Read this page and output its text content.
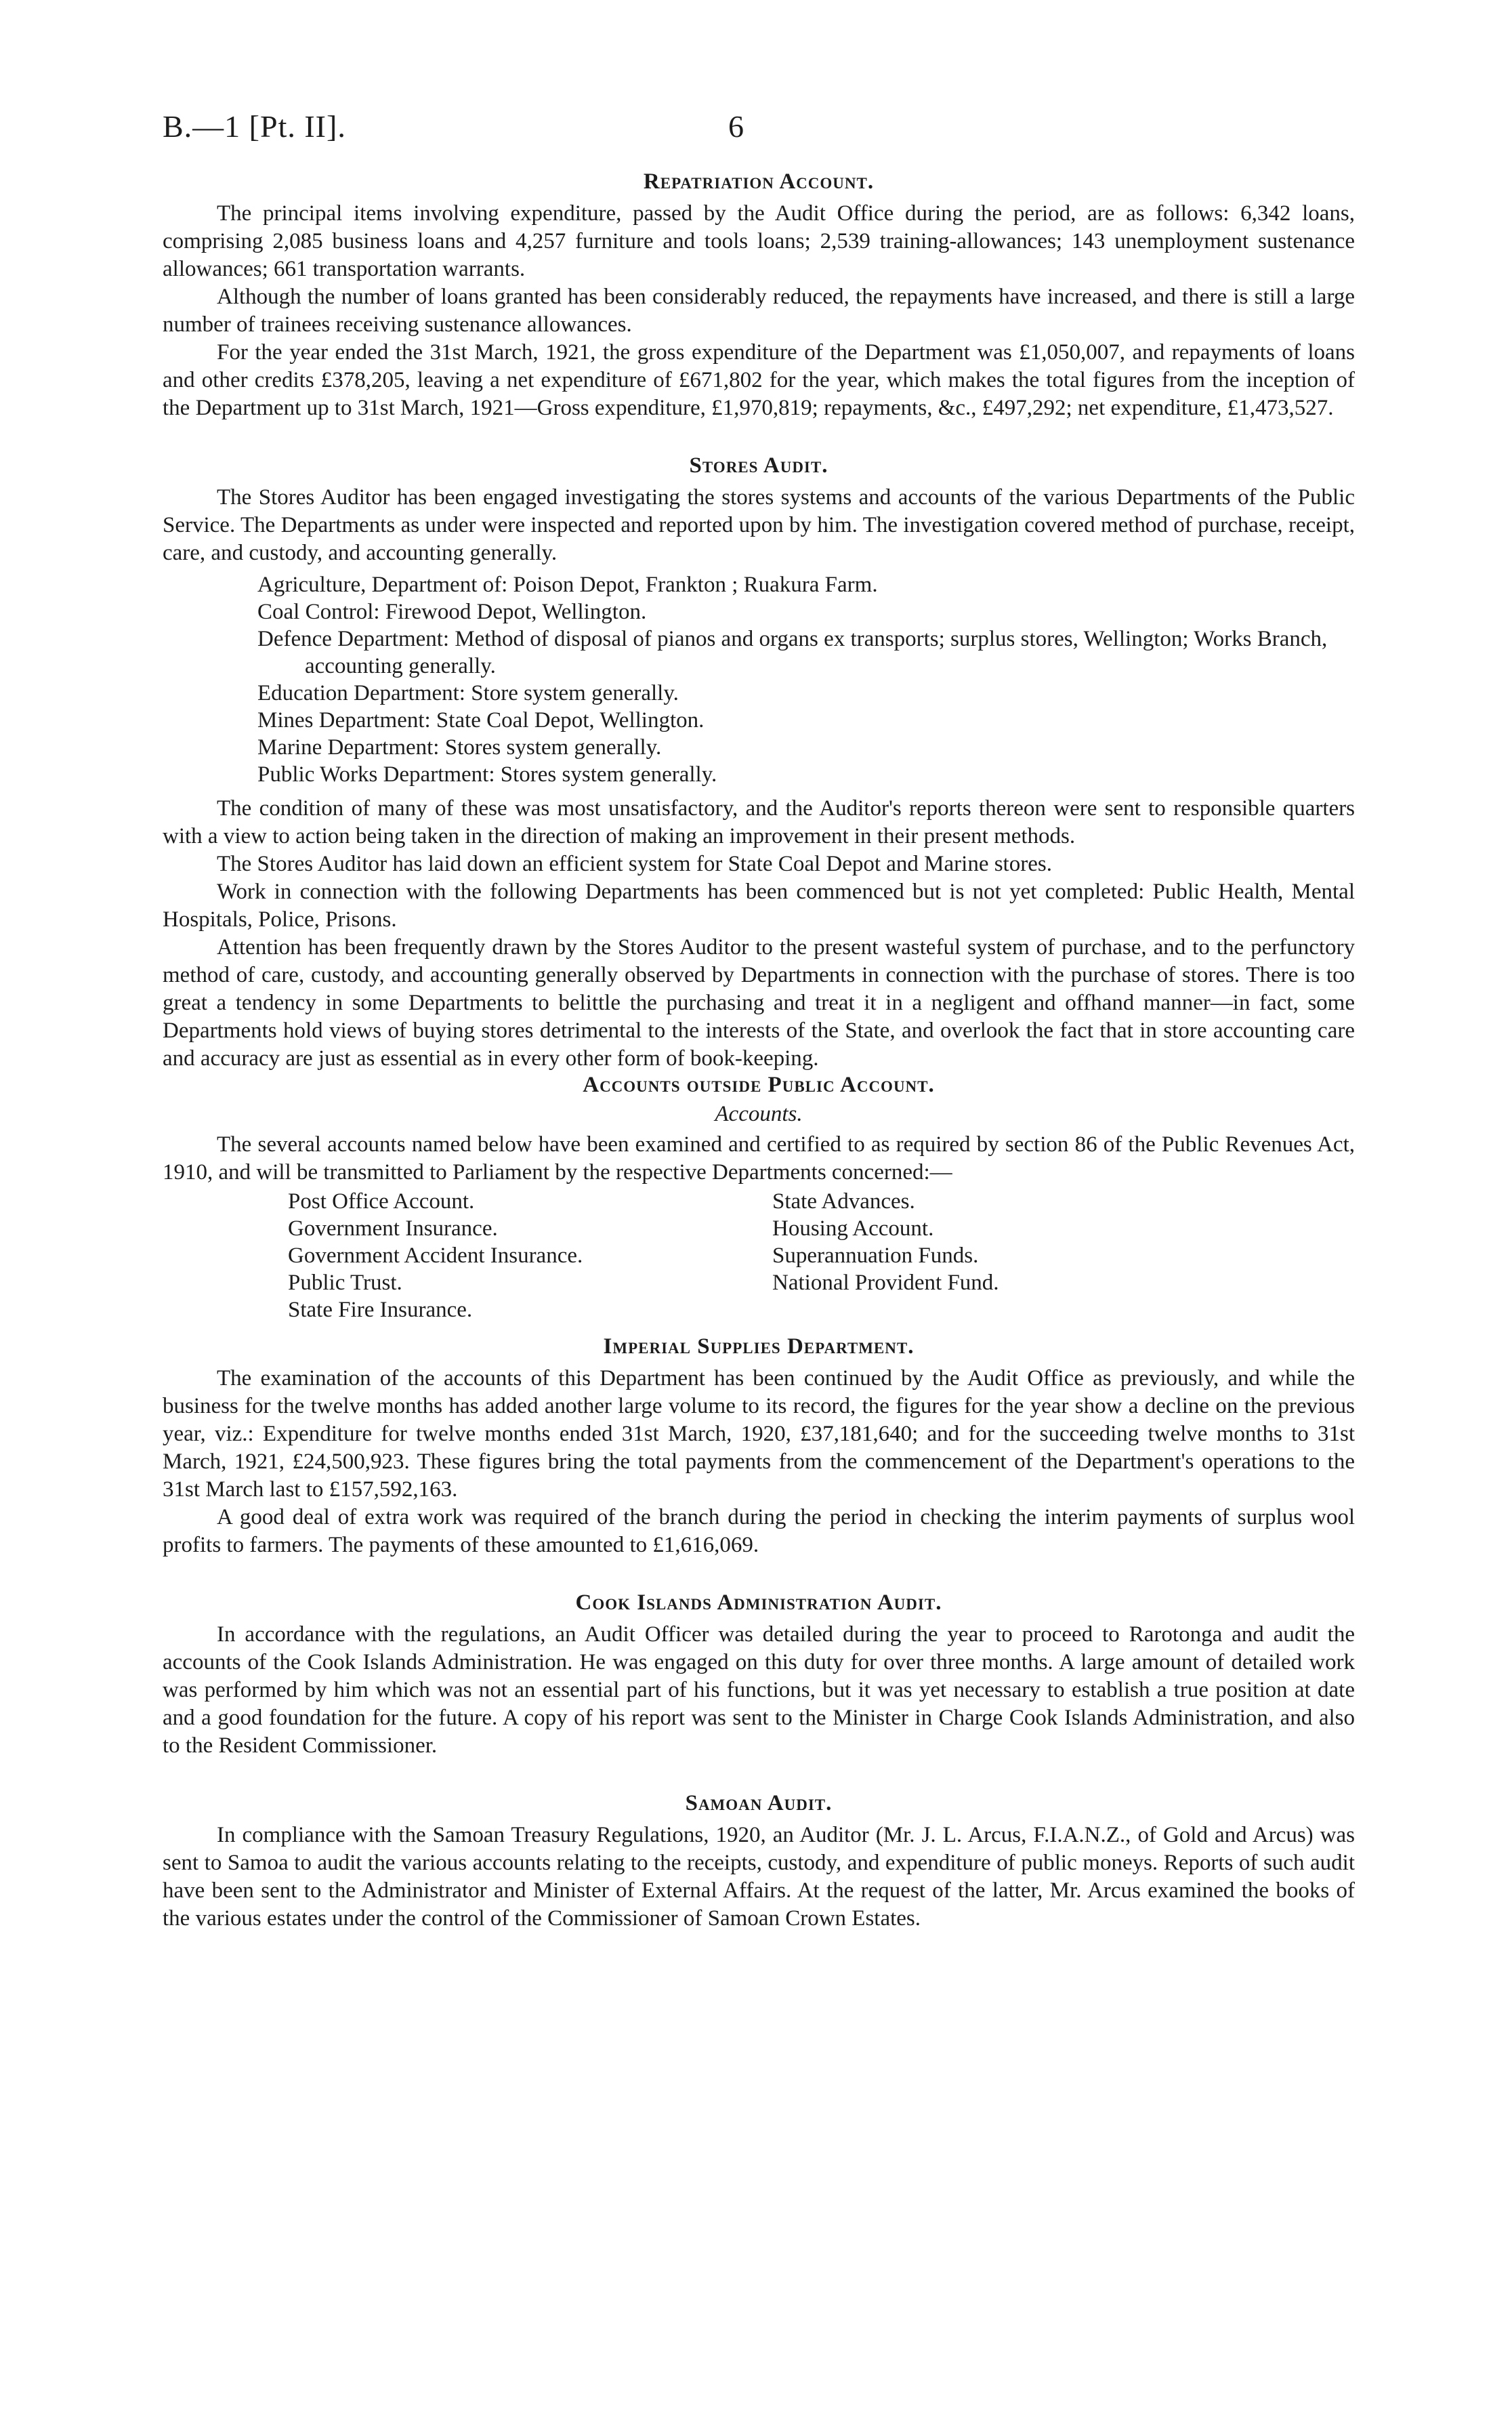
B.—1 [Pt. II].	6
Repatriation Account.

The principal items involving expenditure, passed by the Audit Office during the period, are as follows: 6,342 loans, comprising 2,085 business loans and 4,257 furniture and tools loans; 2,539 training-allowances; 143 unemployment sustenance allowances; 661 transportation warrants.

Although the number of loans granted has been considerably reduced, the repayments have increased, and there is still a large number of trainees receiving sustenance allowances.

For the year ended the 31st March, 1921, the gross expenditure of the Department was £1,050,007, and repayments of loans and other credits £378,205, leaving a net expenditure of £671,802 for the year, which makes the total figures from the inception of the Department up to 31st March, 1921—Gross expenditure, £1,970,819; repayments, &c., £497,292; net expenditure, £1,473,527.

Stores Audit.

The Stores Auditor has been engaged investigating the stores systems and accounts of the various Departments of the Public Service. The Departments as under were inspected and reported upon by him. The investigation covered method of purchase, receipt, care, and custody, and accounting generally.

Agriculture, Department of: Poison Depot, Frankton ; Ruakura Farm.
Coal Control: Firewood Depot, Wellington.
Defence Department: Method of disposal of pianos and organs ex transports; surplus stores, Wellington; Works Branch, accounting generally.
Education Department: Store system generally.
Mines Department: State Coal Depot, Wellington.
Marine Department: Stores system generally.
Public Works Department: Stores system generally.

The condition of many of these was most unsatisfactory, and the Auditor's reports thereon were sent to responsible quarters with a view to action being taken in the direction of making an improvement in their present methods.

The Stores Auditor has laid down an efficient system for State Coal Depot and Marine stores.

Work in connection with the following Departments has been commenced but is not yet completed: Public Health, Mental Hospitals, Police, Prisons.

Attention has been frequently drawn by the Stores Auditor to the present wasteful system of purchase, and to the perfunctory method of care, custody, and accounting generally observed by Departments in connection with the purchase of stores. There is too great a tendency in some Departments to belittle the purchasing and treat it in a negligent and offhand manner—in fact, some Departments hold views of buying stores detrimental to the interests of the State, and overlook the fact that in store accounting care and accuracy are just as essential as in every other form of book-keeping.

Accounts outside Public Account.
Accounts.

The several accounts named below have been examined and certified to as required by section 86 of the Public Revenues Act, 1910, and will be transmitted to Parliament by the respective Departments concerned:—

Post Office Account.
Government Insurance.
Government Accident Insurance.
Public Trust.
State Fire Insurance.
State Advances.
Housing Account.
Superannuation Funds.
National Provident Fund.
Imperial Supplies Department.

The examination of the accounts of this Department has been continued by the Audit Office as previously, and while the business for the twelve months has added another large volume to its record, the figures for the year show a decline on the previous year, viz.: Expenditure for twelve months ended 31st March, 1920, £37,181,640; and for the succeeding twelve months to 31st March, 1921, £24,500,923. These figures bring the total payments from the commencement of the Department's operations to the 31st March last to £157,592,163.

A good deal of extra work was required of the branch during the period in checking the interim payments of surplus wool profits to farmers. The payments of these amounted to £1,616,069.

Cook Islands Administration Audit.

In accordance with the regulations, an Audit Officer was detailed during the year to proceed to Rarotonga and audit the accounts of the Cook Islands Administration. He was engaged on this duty for over three months. A large amount of detailed work was performed by him which was not an essential part of his functions, but it was yet necessary to establish a true position at date and a good foundation for the future. A copy of his report was sent to the Minister in Charge Cook Islands Administration, and also to the Resident Commissioner.

Samoan Audit.

In compliance with the Samoan Treasury Regulations, 1920, an Auditor (Mr. J. L. Arcus, F.I.A.N.Z., of Gold and Arcus) was sent to Samoa to audit the various accounts relating to the receipts, custody, and expenditure of public moneys. Reports of such audit have been sent to the Administrator and Minister of External Affairs. At the request of the latter, Mr. Arcus examined the books of the various estates under the control of the Commissioner of Samoan Crown Estates.
